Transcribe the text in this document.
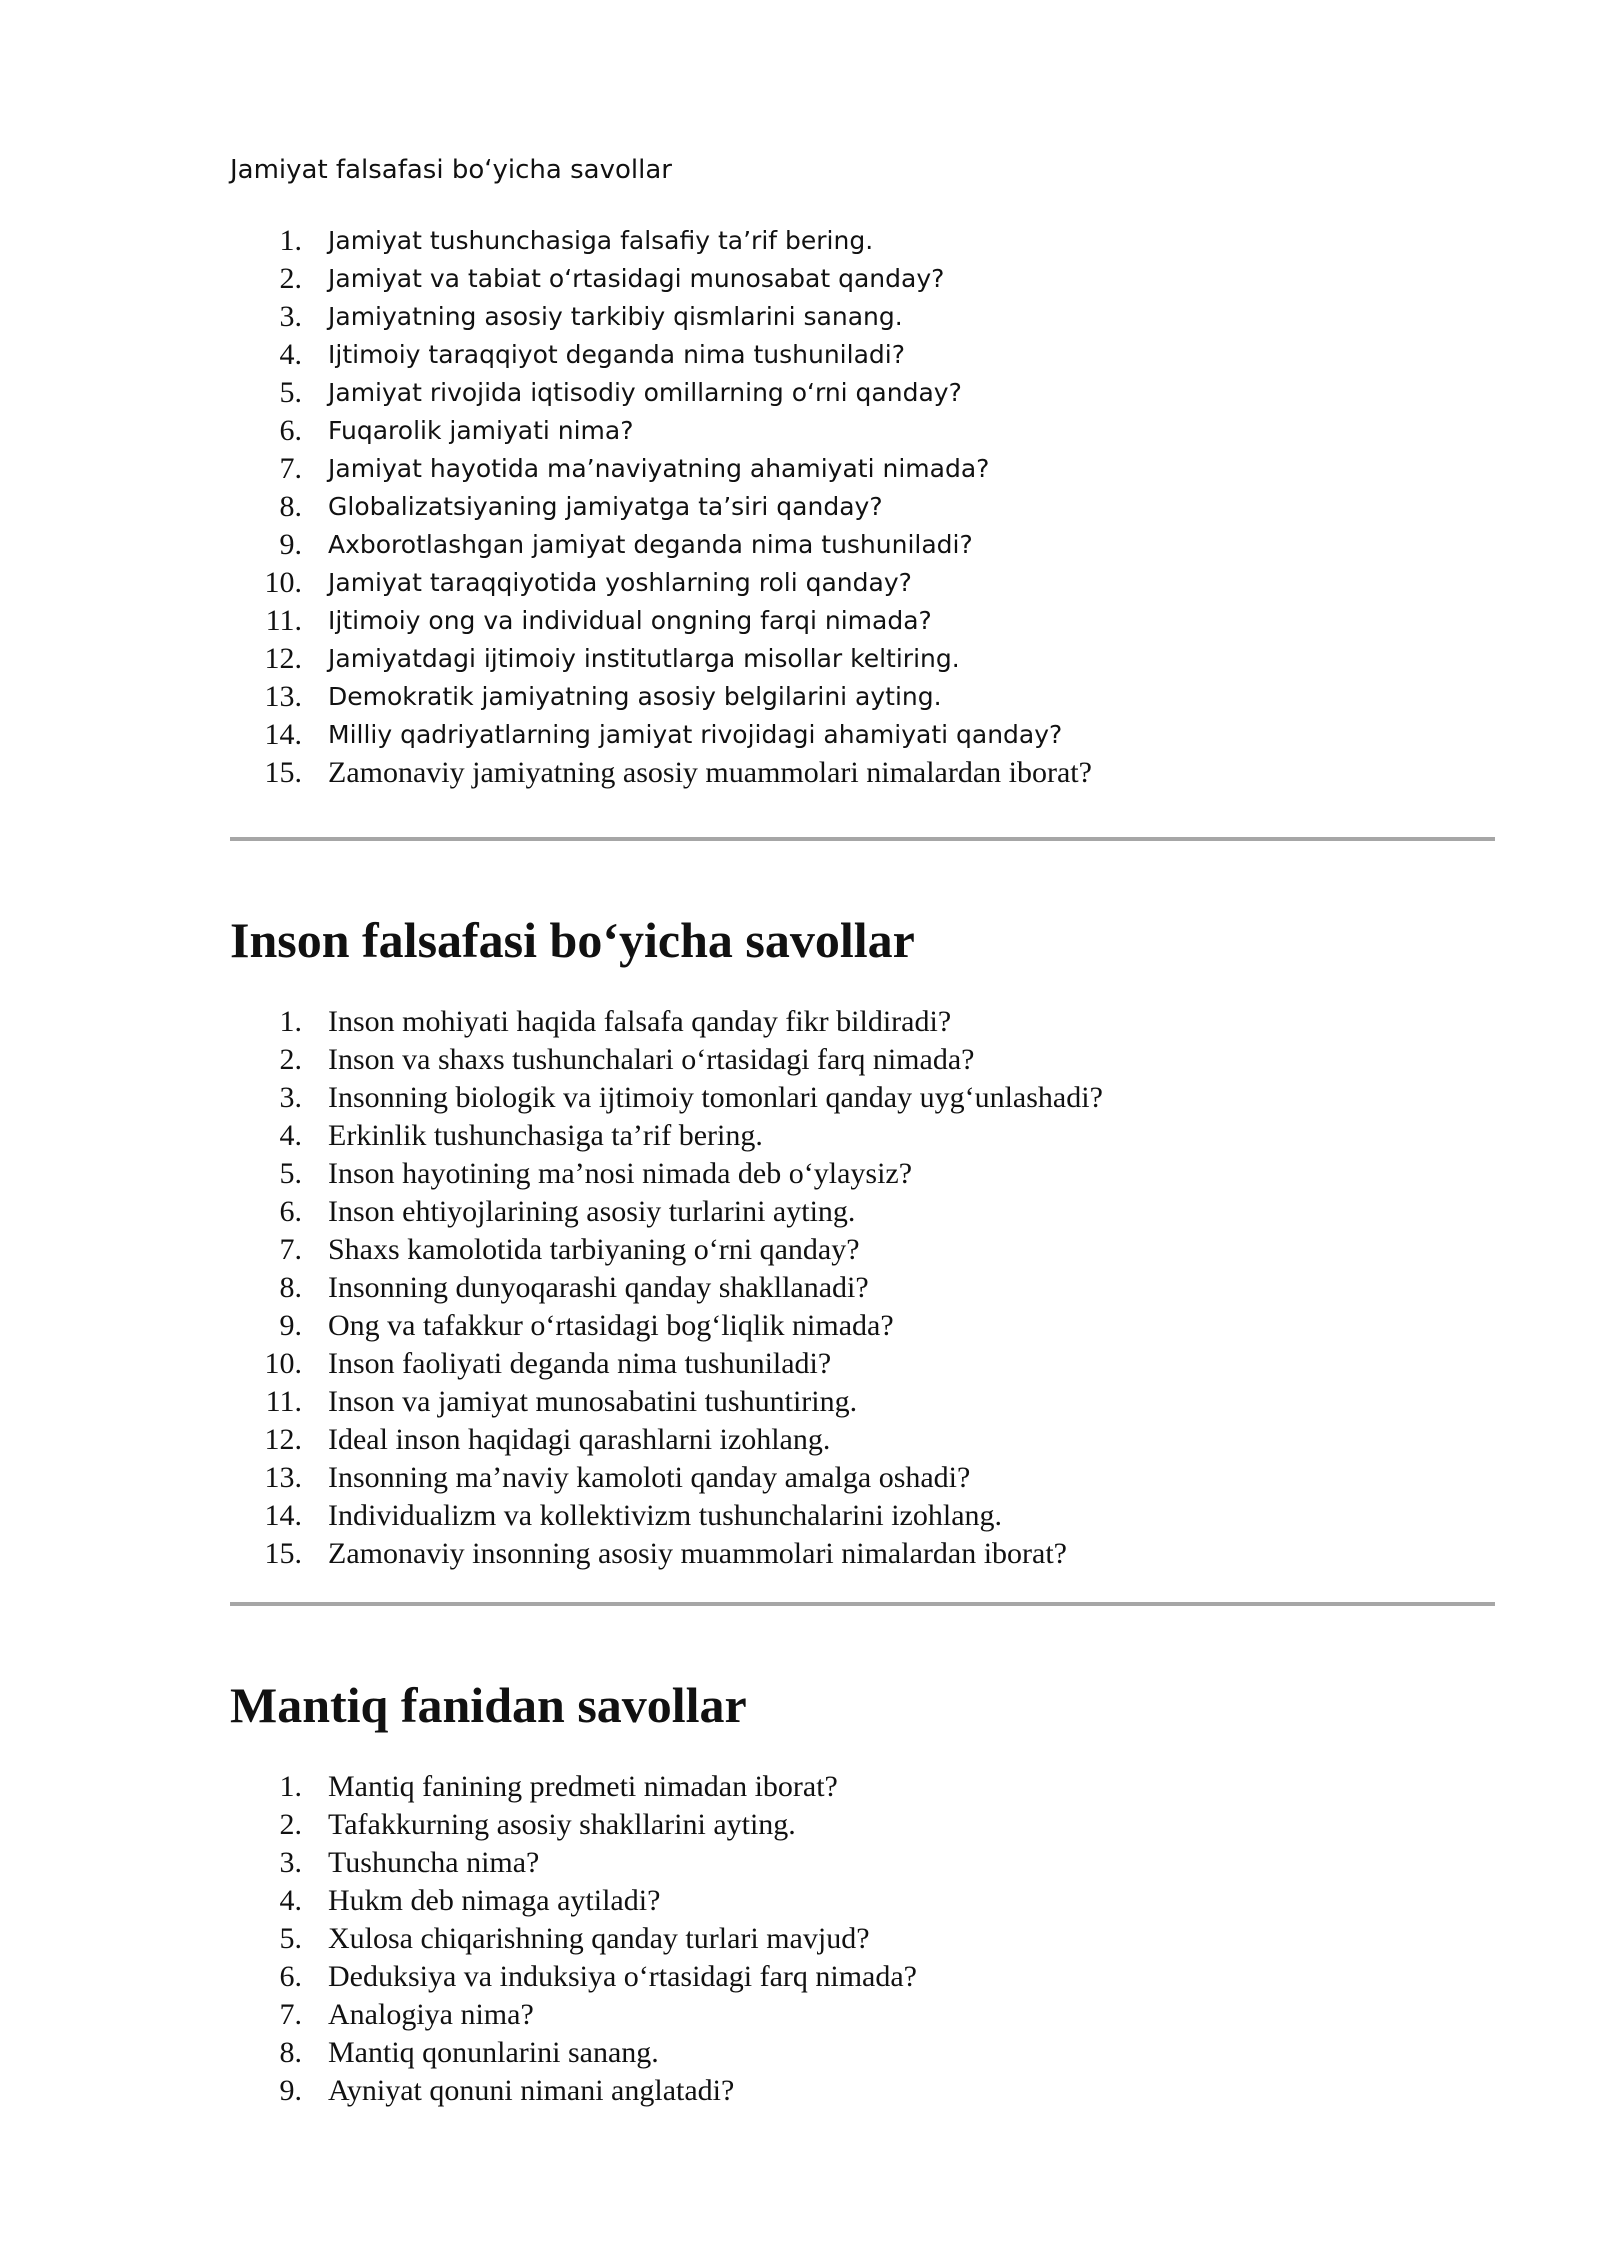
Jamiyat falsafasi bo‘yicha savollar
1. Jamiyat tushunchasiga falsafiy ta’rif bering.
2. Jamiyat va tabiat o‘rtasidagi munosabat qanday?
3. Jamiyatning asosiy tarkibiy qismlarini sanang.
4. Ijtimoiy taraqqiyot deganda nima tushuniladi?
5. Jamiyat rivojida iqtisodiy omillarning o‘rni qanday?
6. Fuqarolik jamiyati nima?
7. Jamiyat hayotida ma’naviyatning ahamiyati nimada?
8. Globalizatsiyaning jamiyatga ta’siri qanday?
9. Axborotlashgan jamiyat deganda nima tushuniladi?
10. Jamiyat taraqqiyotida yoshlarning roli qanday?
11. Ijtimoiy ong va individual ongning farqi nimada?
12. Jamiyatdagi ijtimoiy institutlarga misollar keltiring.
13. Demokratik jamiyatning asosiy belgilarini ayting.
14. Milliy qadriyatlarning jamiyat rivojidagi ahamiyati qanday?
15. Zamonaviy jamiyatning asosiy muammolari nimalardan iborat?
Inson falsafasi bo‘yicha savollar
1. Inson mohiyati haqida falsafa qanday fikr bildiradi?
2. Inson va shaxs tushunchalari o‘rtasidagi farq nimada?
3. Insonning biologik va ijtimoiy tomonlari qanday uyg‘unlashadi?
4. Erkinlik tushunchasiga ta’rif bering.
5. Inson hayotining ma’nosi nimada deb o‘ylaysiz?
6. Inson ehtiyojlarining asosiy turlarini ayting.
7. Shaxs kamolotida tarbiyaning o‘rni qanday?
8. Insonning dunyoqarashi qanday shakllanadi?
9. Ong va tafakkur o‘rtasidagi bog‘liqlik nimada?
10. Inson faoliyati deganda nima tushuniladi?
11. Inson va jamiyat munosabatini tushuntiring.
12. Ideal inson haqidagi qarashlarni izohlang.
13. Insonning ma’naviy kamoloti qanday amalga oshadi?
14. Individualizm va kollektivizm tushunchalarini izohlang.
15. Zamonaviy insonning asosiy muammolari nimalardan iborat?
Mantiq fanidan savollar
1. Mantiq fanining predmeti nimadan iborat?
2. Tafakkurning asosiy shakllarini ayting.
3. Tushuncha nima?
4. Hukm deb nimaga aytiladi?
5. Xulosa chiqarishning qanday turlari mavjud?
6. Deduksiya va induksiya o‘rtasidagi farq nimada?
7. Analogiya nima?
8. Mantiq qonunlarini sanang.
9. Ayniyat qonuni nimani anglatadi?
